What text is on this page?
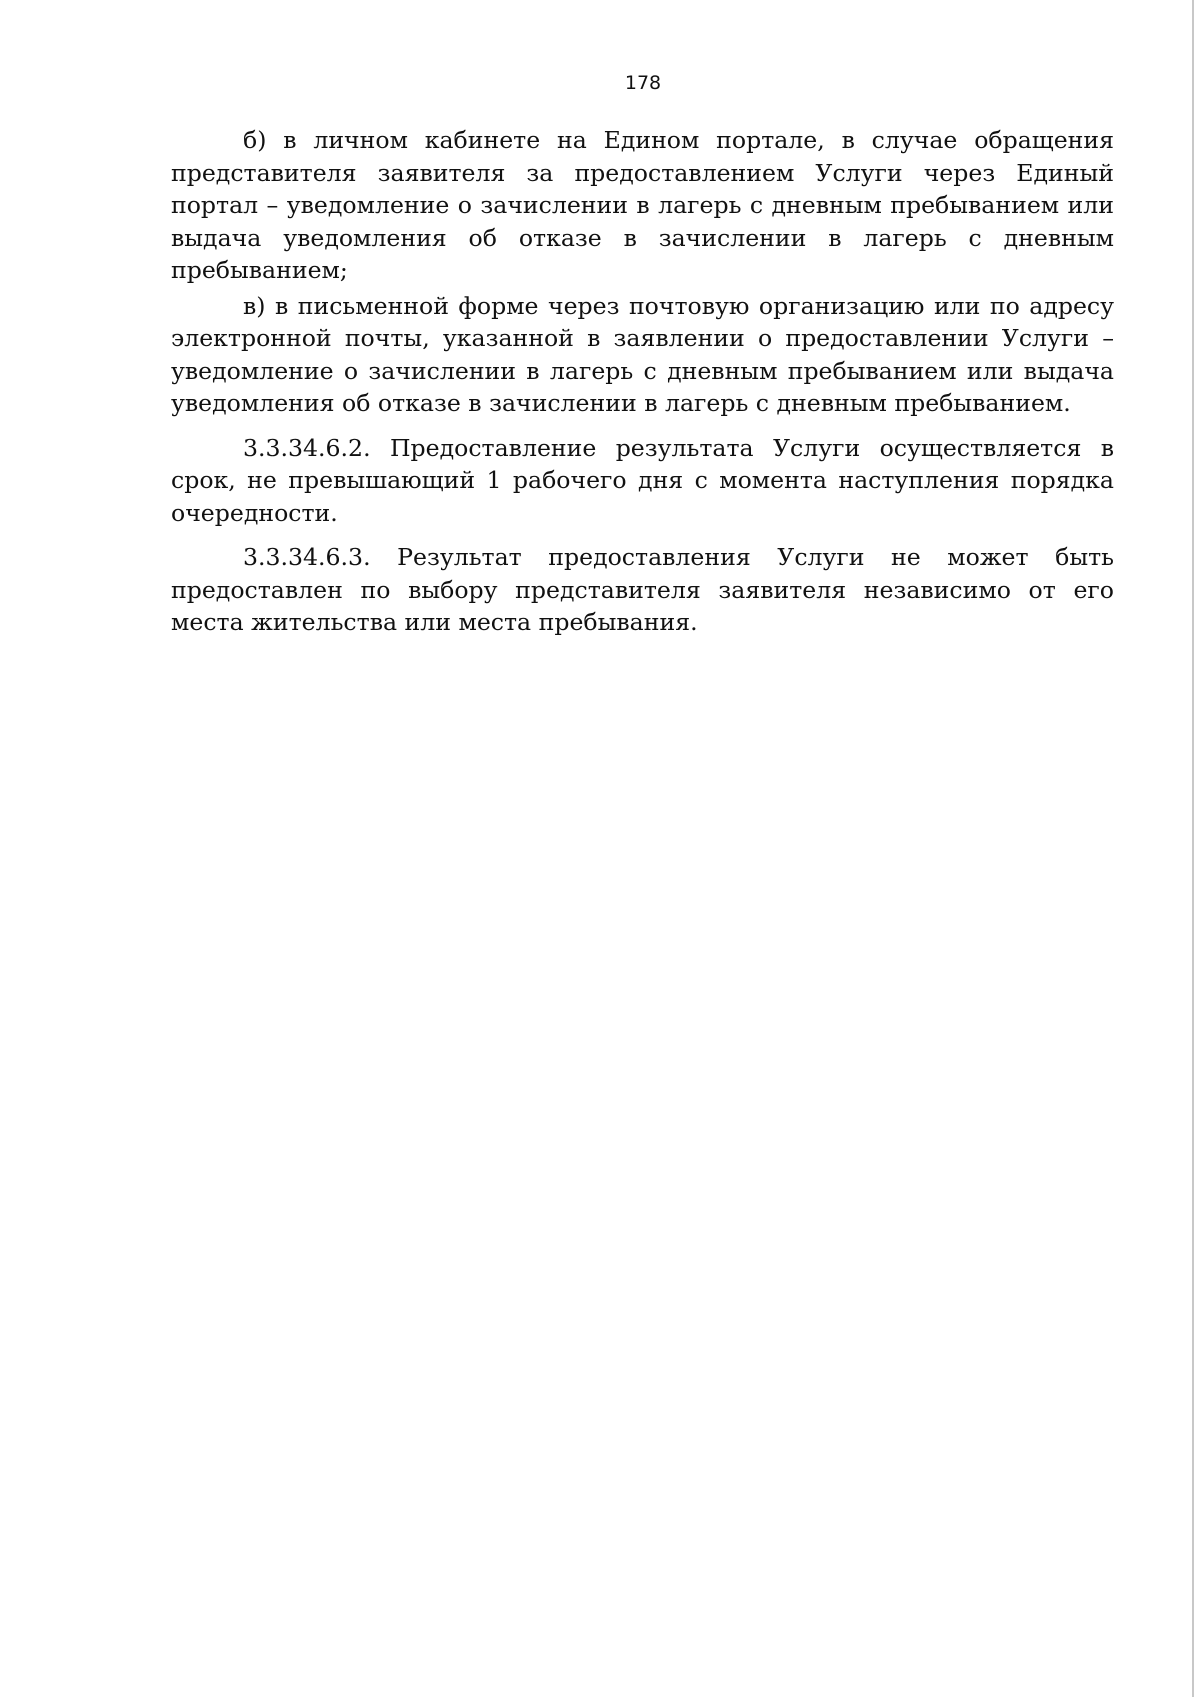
178

б) в личном кабинете на Едином портале, в случае обращения представителя заявителя за предоставлением Услуги через Единый портал – уведомление о зачислении в лагерь с дневным пребыванием или выдача уведомления об отказе в зачислении в лагерь с дневным пребыванием;

в) в письменной форме через почтовую организацию или по адресу электронной почты, указанной в заявлении о предоставлении Услуги – уведомление о зачислении в лагерь с дневным пребыванием или выдача уведомления об отказе в зачислении в лагерь с дневным пребыванием.

3.3.34.6.2. Предоставление результата Услуги осуществляется в срок, не превышающий 1 рабочего дня с момента наступления порядка очередности.

3.3.34.6.3. Результат предоставления Услуги не может быть предоставлен по выбору представителя заявителя независимо от его места жительства или места пребывания.
